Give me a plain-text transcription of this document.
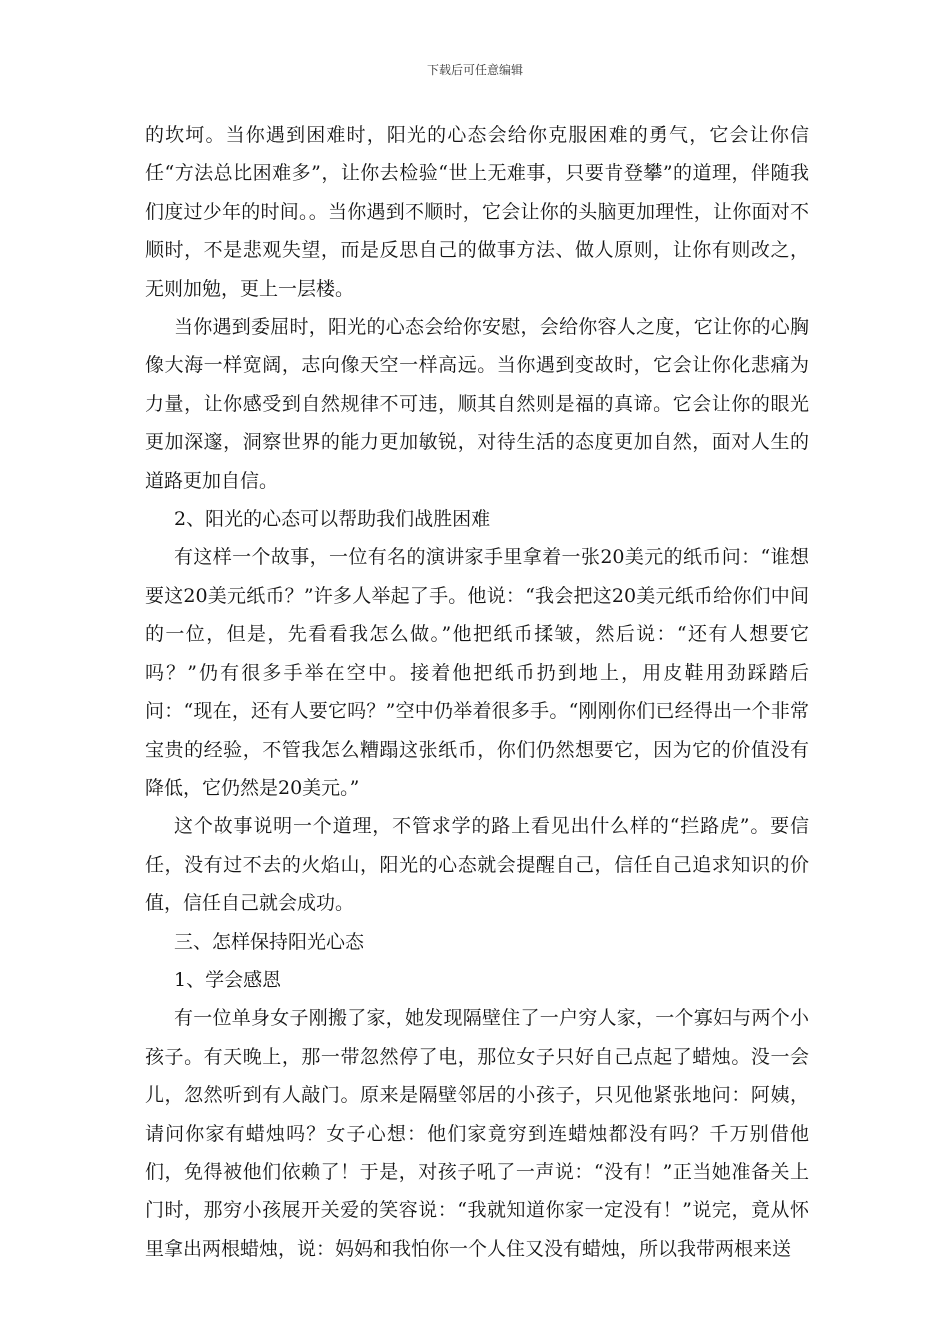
下载后可任意编辑

的坎坷。当你遇到困难时，阳光的心态会给你克服困难的勇气，它会让你信任“方法总比困难多”，让你去检验“世上无难事，只要肯登攀”的道理，伴随我们度过少年的时间。。当你遇到不顺时，它会让你的头脑更加理性，让你面对不顺时，不是悲观失望，而是反思自己的做事方法、做人原则，让你有则改之，无则加勉，更上一层楼。

当你遇到委屈时，阳光的心态会给你安慰，会给你容人之度，它让你的心胸像大海一样宽阔，志向像天空一样高远。当你遇到变故时，它会让你化悲痛为力量，让你感受到自然规律不可违，顺其自然则是福的真谛。它会让你的眼光更加深邃，洞察世界的能力更加敏锐，对待生活的态度更加自然，面对人生的道路更加自信。

2、阳光的心态可以帮助我们战胜困难

有这样一个故事，一位有名的演讲家手里拿着一张20美元的纸币问：“谁想要这20美元纸币？”许多人举起了手。他说：“我会把这20美元纸币给你们中间的一位，但是，先看看我怎么做。”他把纸币揉皱，然后说：“还有人想要它吗？”仍有很多手举在空中。接着他把纸币扔到地上，用皮鞋用劲踩踏后问：“现在，还有人要它吗？”空中仍举着很多手。“刚刚你们已经得出一个非常宝贵的经验，不管我怎么糟蹋这张纸币，你们仍然想要它，因为它的价值没有降低，它仍然是20美元。”

这个故事说明一个道理，不管求学的路上看见出什么样的“拦路虎”。要信任，没有过不去的火焰山，阳光的心态就会提醒自己，信任自己追求知识的价值，信任自己就会成功。

三、怎样保持阳光心态

1、学会感恩

有一位单身女子刚搬了家，她发现隔壁住了一户穷人家，一个寡妇与两个小孩子。有天晚上，那一带忽然停了电，那位女子只好自己点起了蜡烛。没一会儿，忽然听到有人敲门。原来是隔壁邻居的小孩子，只见他紧张地问：阿姨，请问你家有蜡烛吗？女子心想：他们家竟穷到连蜡烛都没有吗？千万别借他们，免得被他们依赖了！于是，对孩子吼了一声说：“没有！”正当她准备关上门时，那穷小孩展开关爱的笑容说：“我就知道你家一定没有！”说完，竟从怀里拿出两根蜡烛，说：妈妈和我怕你一个人住又没有蜡烛，所以我带两根来送
